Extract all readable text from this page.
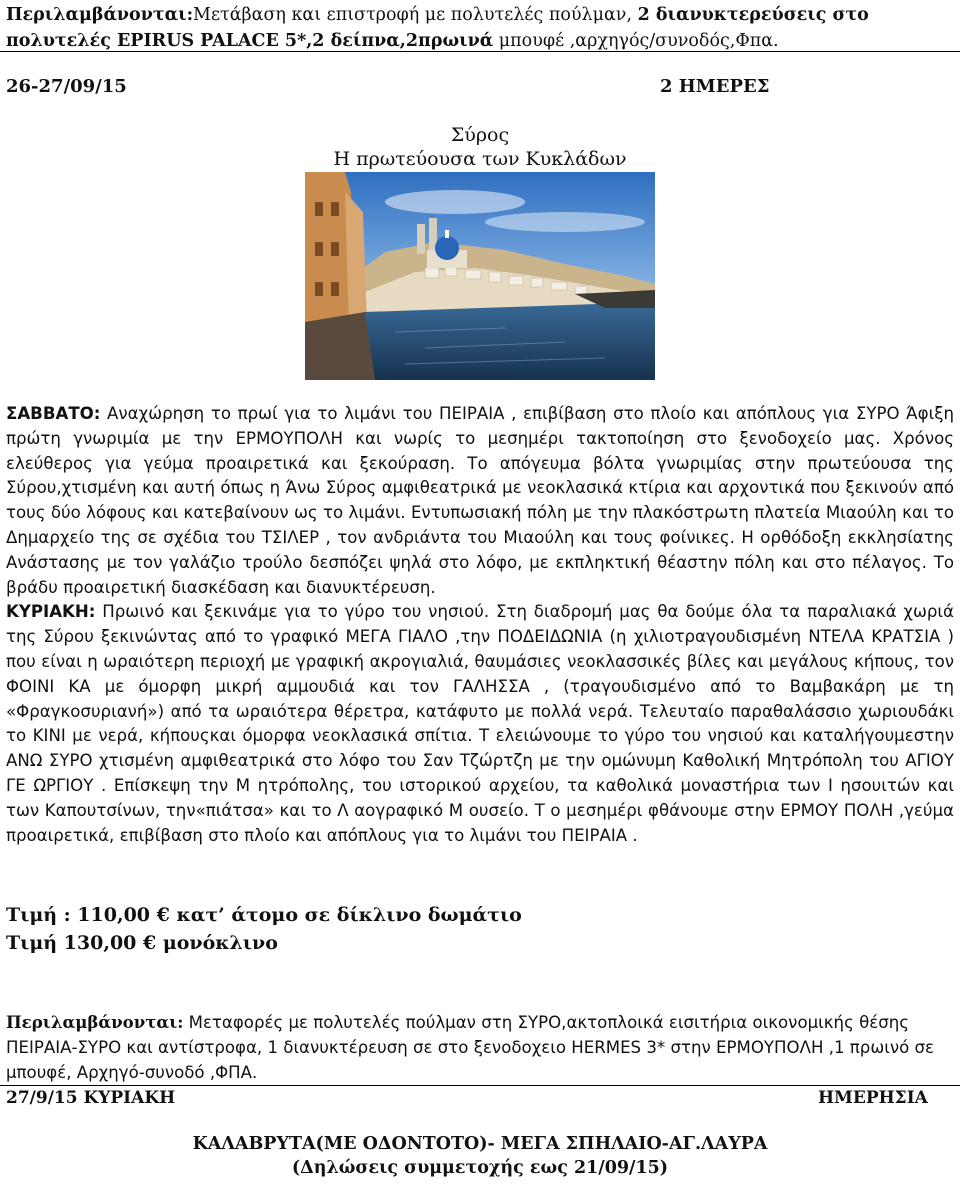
Περιλαμβάνονται:Μετάβαση και επιστροφή με πολυτελές πούλμαν, 2 διανυκτερεύσεις στο πολυτελές EPIRUS PALACE 5*,2 δείπνα,2πρωινά μπουφέ ,αρχηγός/συνοδός,Φπα.
26-27/09/15	2 ΗΜΕΡΕΣ
Σύρος
Η πρωτεύουσα των Κυκλάδων

ΣΑΒΒΑΤΟ: Αναχώρηση το πρωί για το λιμάνι του ΠΕΙΡΑΙΑ , επιβίβαση στο πλοίο και απόπλους για ΣΥΡΟ Άφιξη πρώτη γνωριμία με την ΕΡΜΟΥΠΟΛΗ και νωρίς το μεσημέρι τακτοποίηση στο ξενοδοχείο μας. Χρόνος ελεύθερος για γεύμα προαιρετικά και ξεκούραση. Το απόγευμα βόλτα γνωριμίας στην πρωτεύουσα της Σύρου,χτισμένη και αυτή όπως η Άνω Σύρος αμφιθεατρικά με νεοκλασικά κτίρια και αρχοντικά που ξεκινούν από τους δύο λόφους και κατεβαίνουν ως το λιμάνι. Εντυπωσιακή πόλη με την πλακόστρωτη πλατεία Μιαούλη και το Δημαρχείο της σε σχέδια του ΤΣΙΛΕΡ , τον ανδριάντα του Μιαούλη και τους φοίνικες. Η ορθόδοξη εκκλησίατης Ανάστασης με τον γαλάζιο τρούλο δεσπόζει ψηλά στο λόφο, με εκπληκτική θέαστην πόλη και στο πέλαγος. Το βράδυ προαιρετική διασκέδαση και διανυκτέρευση.

ΚΥΡΙΑΚΗ: Πρωινό και ξεκινάμε για το γύρο του νησιού. Στη διαδρομή μας θα δούμε όλα τα παραλιακά χωριά της Σύρου ξεκινώντας από το γραφικό ΜΕΓΑ ΓΙΑΛΟ ,την ΠΟΔΕΙΔΩΝΙΑ (η χιλιοτραγουδισμένη ΝΤΕΛΑ ΚΡΑΤΣΙΑ ) που είναι η ωραιότερη περιοχή με γραφική ακρογιαλιά, θαυμάσιες νεοκλασσικές βίλες και μεγάλους κήπους, τον ΦΟΙΝΙ ΚΑ με όμορφη μικρή αμμουδιά και τον ΓΑΛΗΣΣΑ , (τραγουδισμένο από το Βαμβακάρη με τη «Φραγκοσυριανή») από τα ωραιότερα θέρετρα, κατάφυτο με πολλά νερά. Τελευταίο παραθαλάσσιο χωριουδάκι το ΚΙΝΙ με νερά, κήπουςκαι όμορφα νεοκλασικά σπίτια. Τ ελειώνουμε το γύρο του νησιού και καταλήγουμεστην ΑΝΩ ΣΥΡΟ χτισμένη αμφιθεατρικά στο λόφο του Σαν Τζώρτζη με την ομώνυμη Καθολική Μητρόπολη του ΑΓΙΟΥ ΓΕ ΩΡΓΙΟΥ . Επίσκεψη την Μ ητρόπολης, του ιστορικού αρχείου, τα καθολικά μοναστήρια των Ι ησουιτών και των Καπουτσίνων, την«πιάτσα» και το Λ αογραφικό Μ ουσείο. Τ ο μεσημέρι φθάνουμε στην ΕΡΜΟΥ ΠΟΛΗ ,γεύμα προαιρετικά, επιβίβαση στο πλοίο και απόπλους για το λιμάνι του ΠΕΙΡΑΙΑ .

Τιμή : 110,00 € κατ’ άτομο σε δίκλινο δωμάτιο
Τιμή 130,00 € μονόκλινο
Περιλαμβάνονται: Μεταφορές με πολυτελές πούλμαν στη ΣΥΡΟ,ακτοπλοικά εισιτήρια οικονομικής θέσης ΠΕΙΡΑΙΑ-ΣΥΡΟ και αντίστροφα, 1 διανυκτέρευση σε στο ξενοδοχειο HERMES 3* στην ΕΡΜΟΥΠΟΛΗ ,1 πρωινό σε μπουφέ, Αρχηγό-συνοδό ,ΦΠΑ.
27/9/15 ΚΥΡΙΑΚΗ	ΗΜΕΡΗΣΙΑ
ΚΑΛΑΒΡΥΤΑ(ΜΕ ΟΔΟΝΤΟΤΟ)- ΜΕΓΑ ΣΠΗΛΑΙΟ-ΑΓ.ΛΑΥΡΑ
(Δηλώσεις συμμετοχής εως 21/09/15)
